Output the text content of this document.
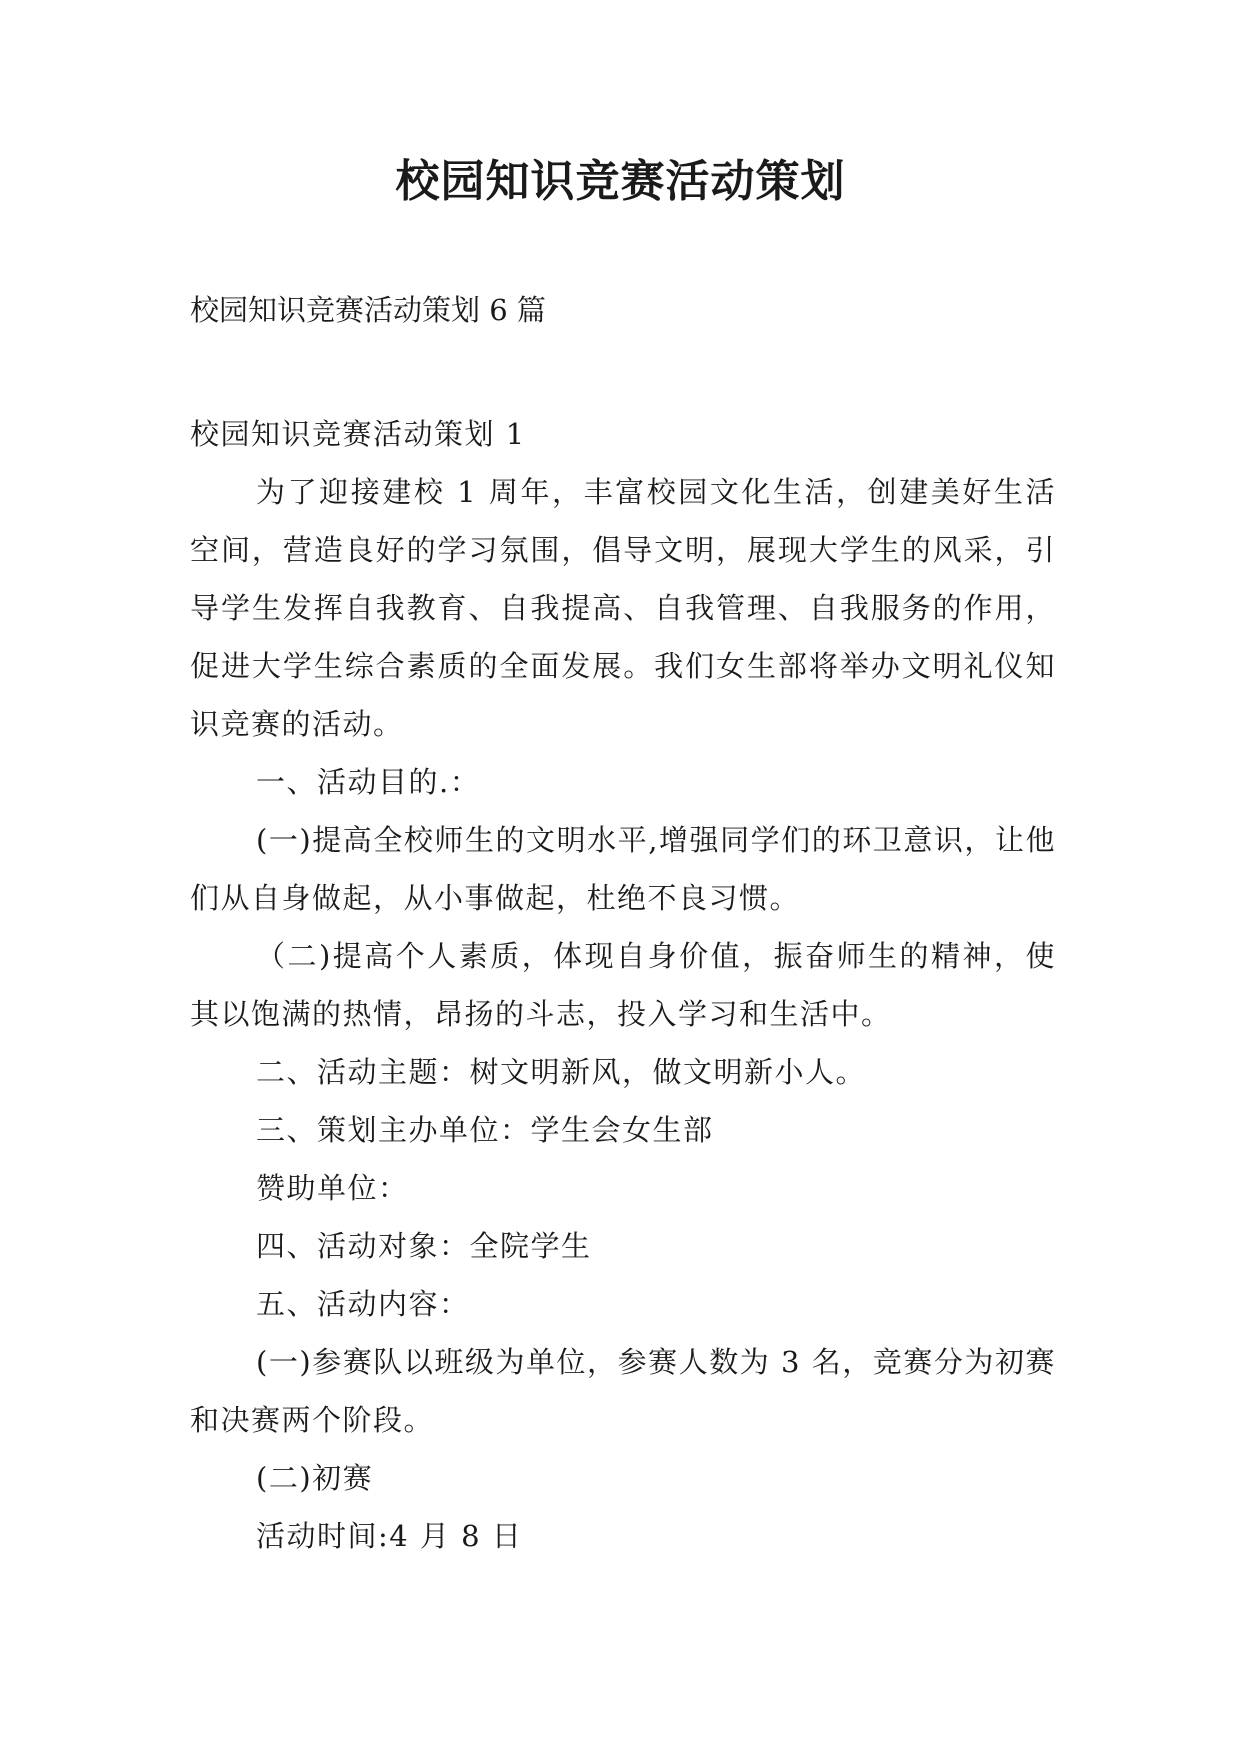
校园知识竞赛活动策划

校园知识竞赛活动策划 6 篇

校园知识竞赛活动策划 1

为了迎接建校 1 周年，丰富校园文化生活，创建美好生活空间，营造良好的学习氛围，倡导文明，展现大学生的风采，引导学生发挥自我教育、自我提高、自我管理、自我服务的作用，促进大学生综合素质的全面发展。我们女生部将举办文明礼仪知识竞赛的活动。

一、活动目的.：

(一)提高全校师生的文明水平,增强同学们的环卫意识，让他们从自身做起，从小事做起，杜绝不良习惯。

（二)提高个人素质，体现自身价值，振奋师生的精神，使其以饱满的热情，昂扬的斗志，投入学习和生活中。

二、活动主题：树文明新风，做文明新小人。

三、策划主办单位：学生会女生部

赞助单位：

四、活动对象：全院学生

五、活动内容：

(一)参赛队以班级为单位，参赛人数为 3 名，竞赛分为初赛和决赛两个阶段。

(二)初赛

活动时间:4 月 8 日
